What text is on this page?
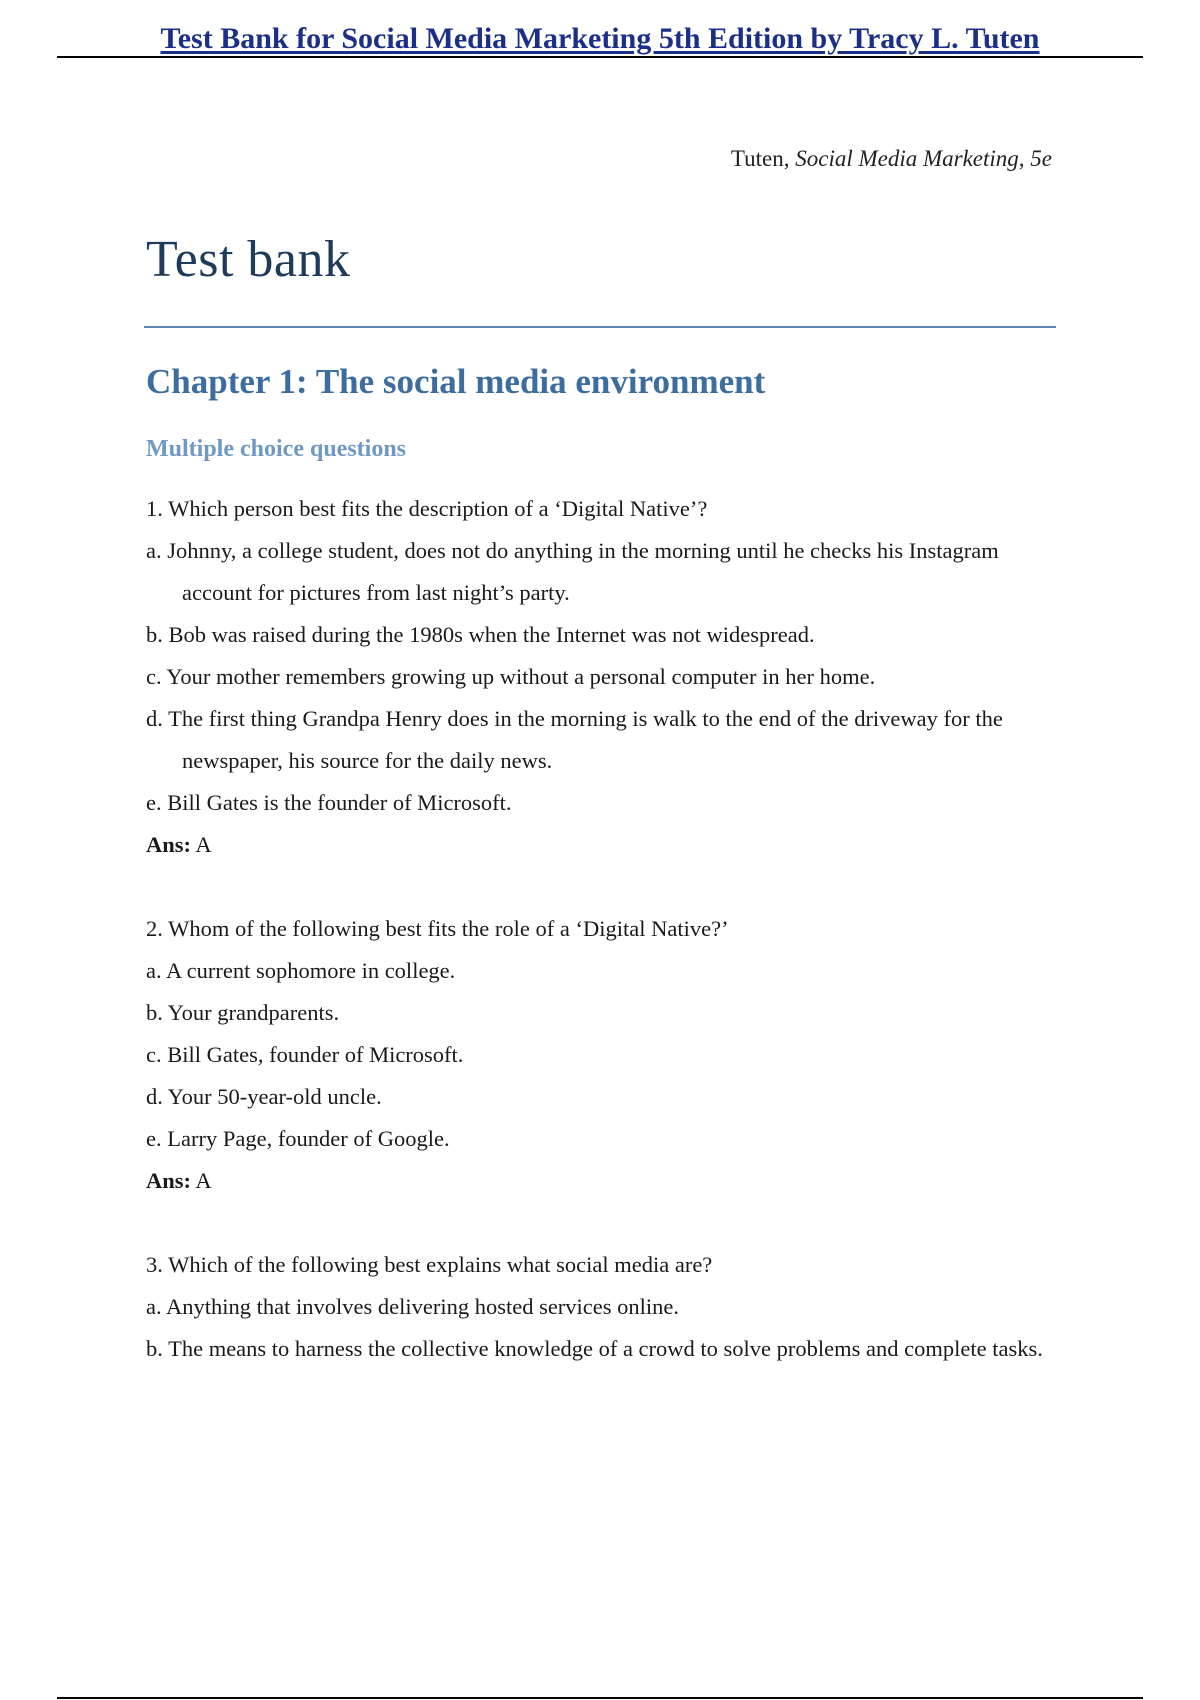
Test Bank for Social Media Marketing 5th Edition by Tracy L. Tuten
Tuten, Social Media Marketing, 5e
Test bank
Chapter 1: The social media environment
Multiple choice questions

1. Which person best fits the description of a ‘Digital Native’?

a. Johnny, a college student, does not do anything in the morning until he checks his Instagram account for pictures from last night’s party.

b. Bob was raised during the 1980s when the Internet was not widespread.

c. Your mother remembers growing up without a personal computer in her home.

d. The first thing Grandpa Henry does in the morning is walk to the end of the driveway for the newspaper, his source for the daily news.

e. Bill Gates is the founder of Microsoft.

Ans: A

2. Whom of the following best fits the role of a ‘Digital Native?’

a. A current sophomore in college.

b. Your grandparents.

c. Bill Gates, founder of Microsoft.

d. Your 50-year-old uncle.

e. Larry Page, founder of Google.

Ans: A

3. Which of the following best explains what social media are?

a. Anything that involves delivering hosted services online.

b. The means to harness the collective knowledge of a crowd to solve problems and complete tasks.
